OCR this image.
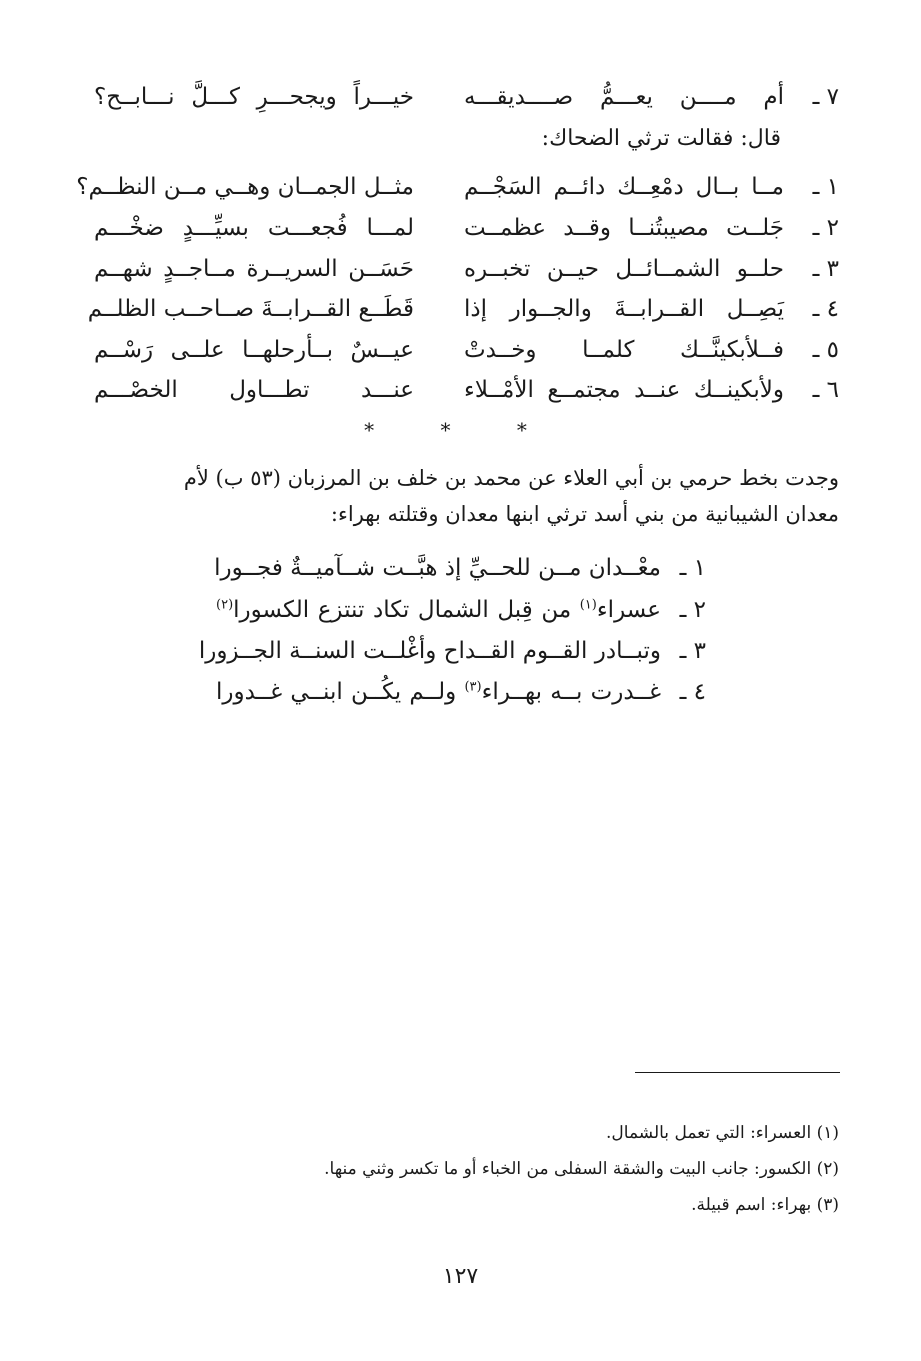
٧ ـ
أم مــــن يعـــمُّ صــــديقـــه
خيـــراً ويجحـــرِ كـــلَّ نـــابــح؟
قال: فقالت ترثي الضحاك:
١ ـ
مــا بــال دمْعِــك دائــم السَجْــم
مثــل الجمــان وهــي مــن النظــم؟
٢ ـ
جَلــت مصيبتُنــا وقــد عظمــت
لمـــا فُجعـــت بسيِّـــدٍ ضخْـــم
٣ ـ
حلــو الشمــائــل حيــن تخبــره
حَسَــن السريــرة مــاجــدٍ شهــم
٤ ـ
يَصِــل القــرابــةَ والجــوار إذا
قَطَــع القــرابــةَ صــاحــب الظلــم
٥ ـ
فــلأبكينَّــك كلمــا وخــدتْ
عيــسٌ بــأرحلهــا علــى رَسْــم
٦ ـ
ولأبكينــك عنــد مجتمــع الأمْــلاء
عنـــد تطـــاول الخصْـــم
* * *
وجدت بخط حرمي بن أبي العلاء عن محمد بن خلف بن المرزبان (٥٣ ب) لأم
معدان الشيبانية من بني أسد ترثي ابنها معدان وقتلته بهراء:
١ ـ
معْــدان مــن للحــيِّ إذ هبَّــت شــآميــةٌ فجــورا
٢ ـ
عسراء$^{(١)}$ من قِبل الشمال تكاد تنتزع الكسورا$^{(٢)}$
٣ ـ
وتبــادر القــوم القــداح وأغْلــت السنــة الجــزورا
٤ ـ
غــدرت بــه بهــراء$^{(٣)}$ ولــم يكُــن ابنــي غــدورا
(١) العسراء: التي تعمل بالشمال.
(٢) الكسور: جانب البيت والشقة السفلى من الخباء أو ما تكسر وثني منها.
(٣) بهراء: اسم قبيلة.
١٢٧
